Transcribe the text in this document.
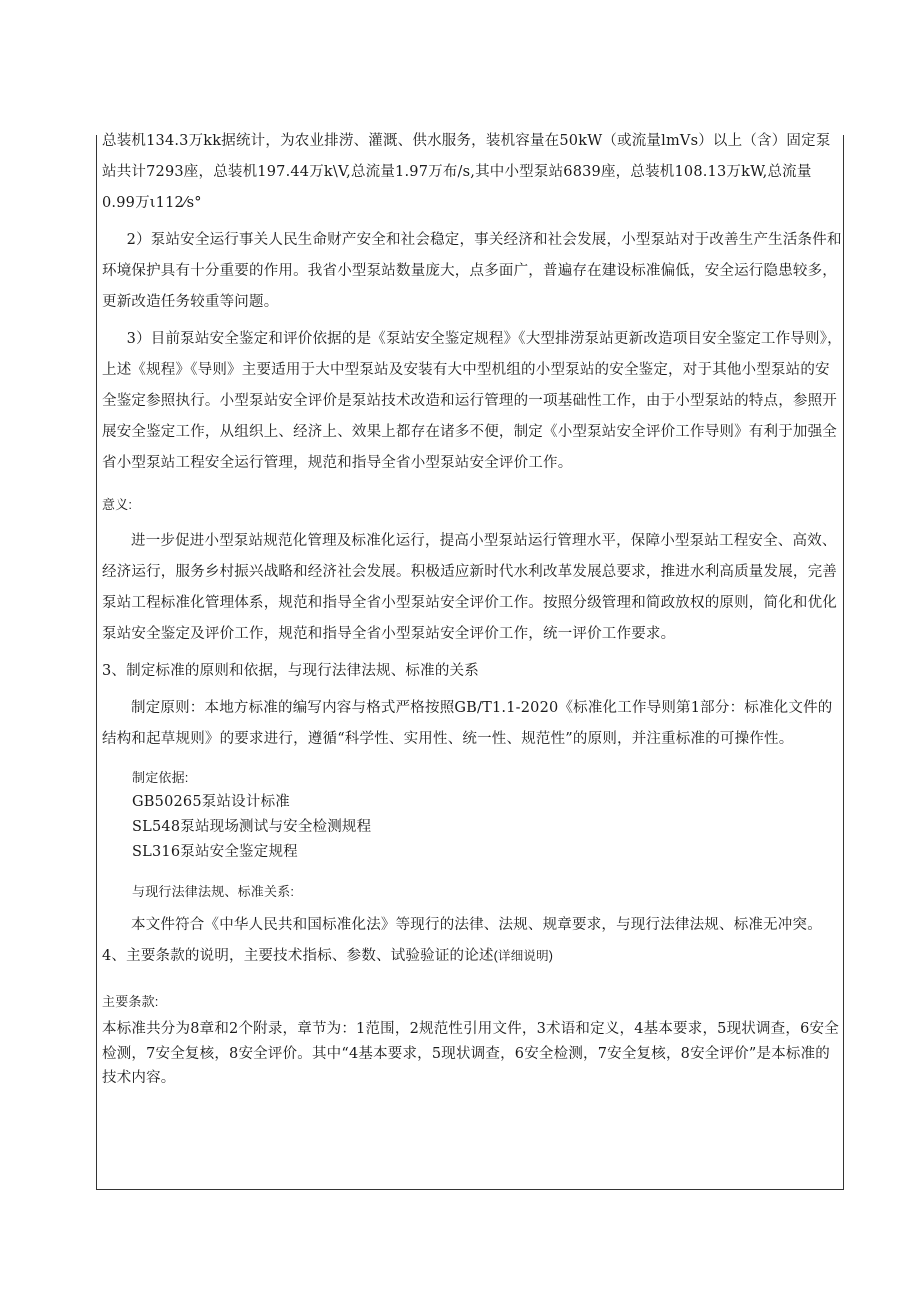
总装机134.3万kk据统计，为农业排涝、灌溉、供水服务，装机容量在50kW（或流量lmVs）以上（含）固定泵站共计7293座，总装机197.44万k\V,总流量1.97万布/s,其中小型泵站6839座，总装机108.13万kW,总流量0.99万ι112⁄s°

2）泵站安全运行事关人民生命财产安全和社会稳定，事关经济和社会发展，小型泵站对于改善生产生活条件和环境保护具有十分重要的作用。我省小型泵站数量庞大，点多面广，普遍存在建设标准偏低，安全运行隐患较多，更新改造任务较重等问题。

3）目前泵站安全鉴定和评价依据的是《泵站安全鉴定规程》《大型排涝泵站更新改造项目安全鉴定工作导则》，上述《规程》《导则》主要适用于大中型泵站及安装有大中型机组的小型泵站的安全鉴定，对于其他小型泵站的安全鉴定参照执行。小型泵站安全评价是泵站技术改造和运行管理的一项基础性工作，由于小型泵站的特点，参照开展安全鉴定工作，从组织上、经济上、效果上都存在诸多不便，制定《小型泵站安全评价工作导则》有利于加强全省小型泵站工程安全运行管理，规范和指导全省小型泵站安全评价工作。

意义:

进一步促进小型泵站规范化管理及标准化运行，提高小型泵站运行管理水平，保障小型泵站工程安全、高效、经济运行，服务乡村振兴战略和经济社会发展。积极适应新时代水利改革发展总要求，推进水利高质量发展，完善泵站工程标准化管理体系，规范和指导全省小型泵站安全评价工作。按照分级管理和简政放权的原则，简化和优化泵站安全鉴定及评价工作，规范和指导全省小型泵站安全评价工作，统一评价工作要求。

3、制定标准的原则和依据，与现行法律法规、标准的关系

制定原则：本地方标准的编写内容与格式严格按照GB/T1.1-2020《标准化工作导则第1部分：标准化文件的结构和起草规则》的要求进行，遵循“科学性、实用性、统一性、规范性”的原则，并注重标准的可操作性。

制定依据:
GB50265泵站设计标准
SL548泵站现场测试与安全检测规程
SL316泵站安全鉴定规程
与现行法律法规、标准关系:

本文件符合《中华人民共和国标准化法》等现行的法律、法规、规章要求，与现行法律法规、标准无冲突。

4、主要条款的说明，主要技术指标、参数、试验验证的论述(详细说明)

主要条款:

本标准共分为8章和2个附录，章节为：1范围，2规范性引用文件，3术语和定义，4基本要求，5现状调查，6安全检测，7安全复核，8安全评价。其中“4基本要求，5现状调查，6安全检测，7安全复核，8安全评价”是本标准的技术内容。
